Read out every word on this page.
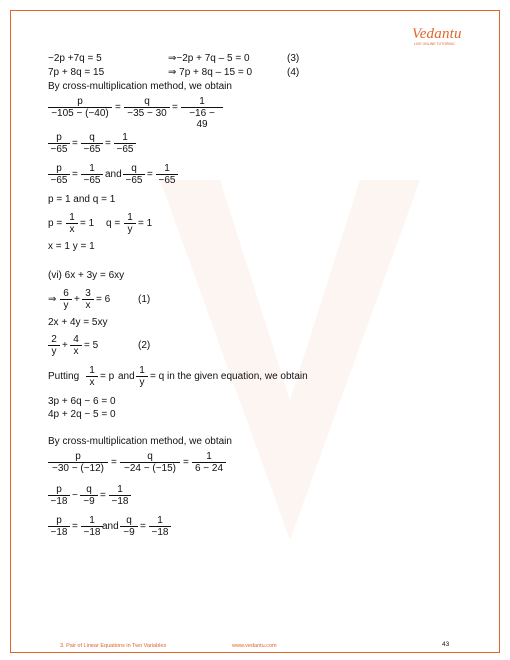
Vedantu
LIVE ONLINE TUTORING
−2p +7q = 5	⇒−2p + 7q – 5 = 0	(3)
7p + 8q = 15	⇒ 7p + 8q – 15 = 0	(4)
By cross-multiplication method, we obtain
$\frac{p}{-105 - (-40)} = \frac{q}{-35 - 30} = \frac{1}{-16 - 49}$
$\frac{p}{-65} = \frac{q}{-65} = \frac{1}{-65}$
$\frac{p}{-65} = \frac{1}{-65}$ and $\frac{q}{-65} = \frac{1}{-65}$
p = 1 and q = 1
$p = \frac{1}{x} = 1$ $q = \frac{1}{y} = 1$
x = 1 y = 1
(vi) 6x + 3y = 6xy
⇒ $\frac{6}{y} + \frac{3}{x} = 6$	(1)
2x + 4y = 5xy
$\frac{2}{y} + \frac{4}{x} = 5$	(2)
Putting $\frac{1}{x} = p$ and $\frac{1}{y} = q$ in the given equation, we obtain
3p + 6q − 6 = 0
4p + 2q − 5 = 0
By cross-multiplication method, we obtain
$\frac{p}{-30 - (-12)} = \frac{q}{-24 - (-15)} = \frac{1}{6 - 24}$
$\frac{p}{-18} - \frac{q}{-9} = \frac{1}{-18}$
$\frac{p}{-18} = \frac{1}{-18}$ and $\frac{q}{-9} = \frac{1}{-18}$
3. Pair of Linear Equations in Two Variables	www.vedantu.com	43
